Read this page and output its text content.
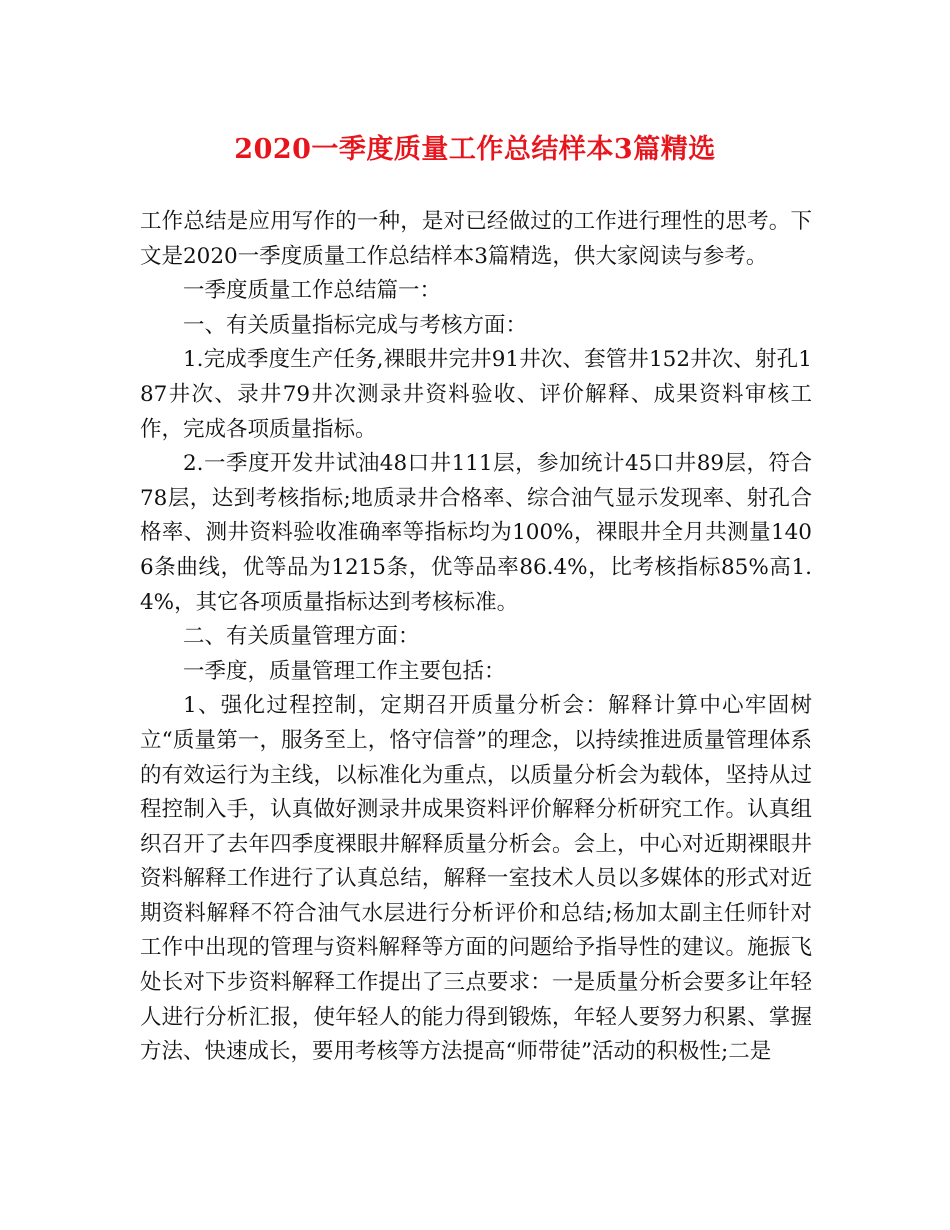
2020一季度质量工作总结样本3篇精选

工作总结是应用写作的一种，是对已经做过的工作进行理性的思考。下文是2020一季度质量工作总结样本3篇精选，供大家阅读与参考。

一季度质量工作总结篇一：

一、有关质量指标完成与考核方面：

1.完成季度生产任务,裸眼井完井91井次、套管井152井次、射孔187井次、录井79井次测录井资料验收、评价解释、成果资料审核工作，完成各项质量指标。

2.一季度开发井试油48口井111层，参加统计45口井89层，符合78层，达到考核指标;地质录井合格率、综合油气显示发现率、射孔合格率、测井资料验收准确率等指标均为100%，裸眼井全月共测量1406条曲线，优等品为1215条，优等品率86.4%，比考核指标85%高1.4%，其它各项质量指标达到考核标准。

二、有关质量管理方面：

一季度，质量管理工作主要包括：

1、强化过程控制，定期召开质量分析会：解释计算中心牢固树立“质量第一，服务至上，恪守信誉”的理念，以持续推进质量管理体系的有效运行为主线，以标准化为重点，以质量分析会为载体，坚持从过程控制入手，认真做好测录井成果资料评价解释分析研究工作。认真组织召开了去年四季度裸眼井解释质量分析会。会上，中心对近期裸眼井资料解释工作进行了认真总结，解释一室技术人员以多媒体的形式对近期资料解释不符合油气水层进行分析评价和总结;杨加太副主任师针对工作中出现的管理与资料解释等方面的问题给予指导性的建议。施振飞处长对下步资料解释工作提出了三点要求：一是质量分析会要多让年轻人进行分析汇报，使年轻人的能力得到锻炼，年轻人要努力积累、掌握方法、快速成长，要用考核等方法提高“师带徒”活动的积极性;二是
